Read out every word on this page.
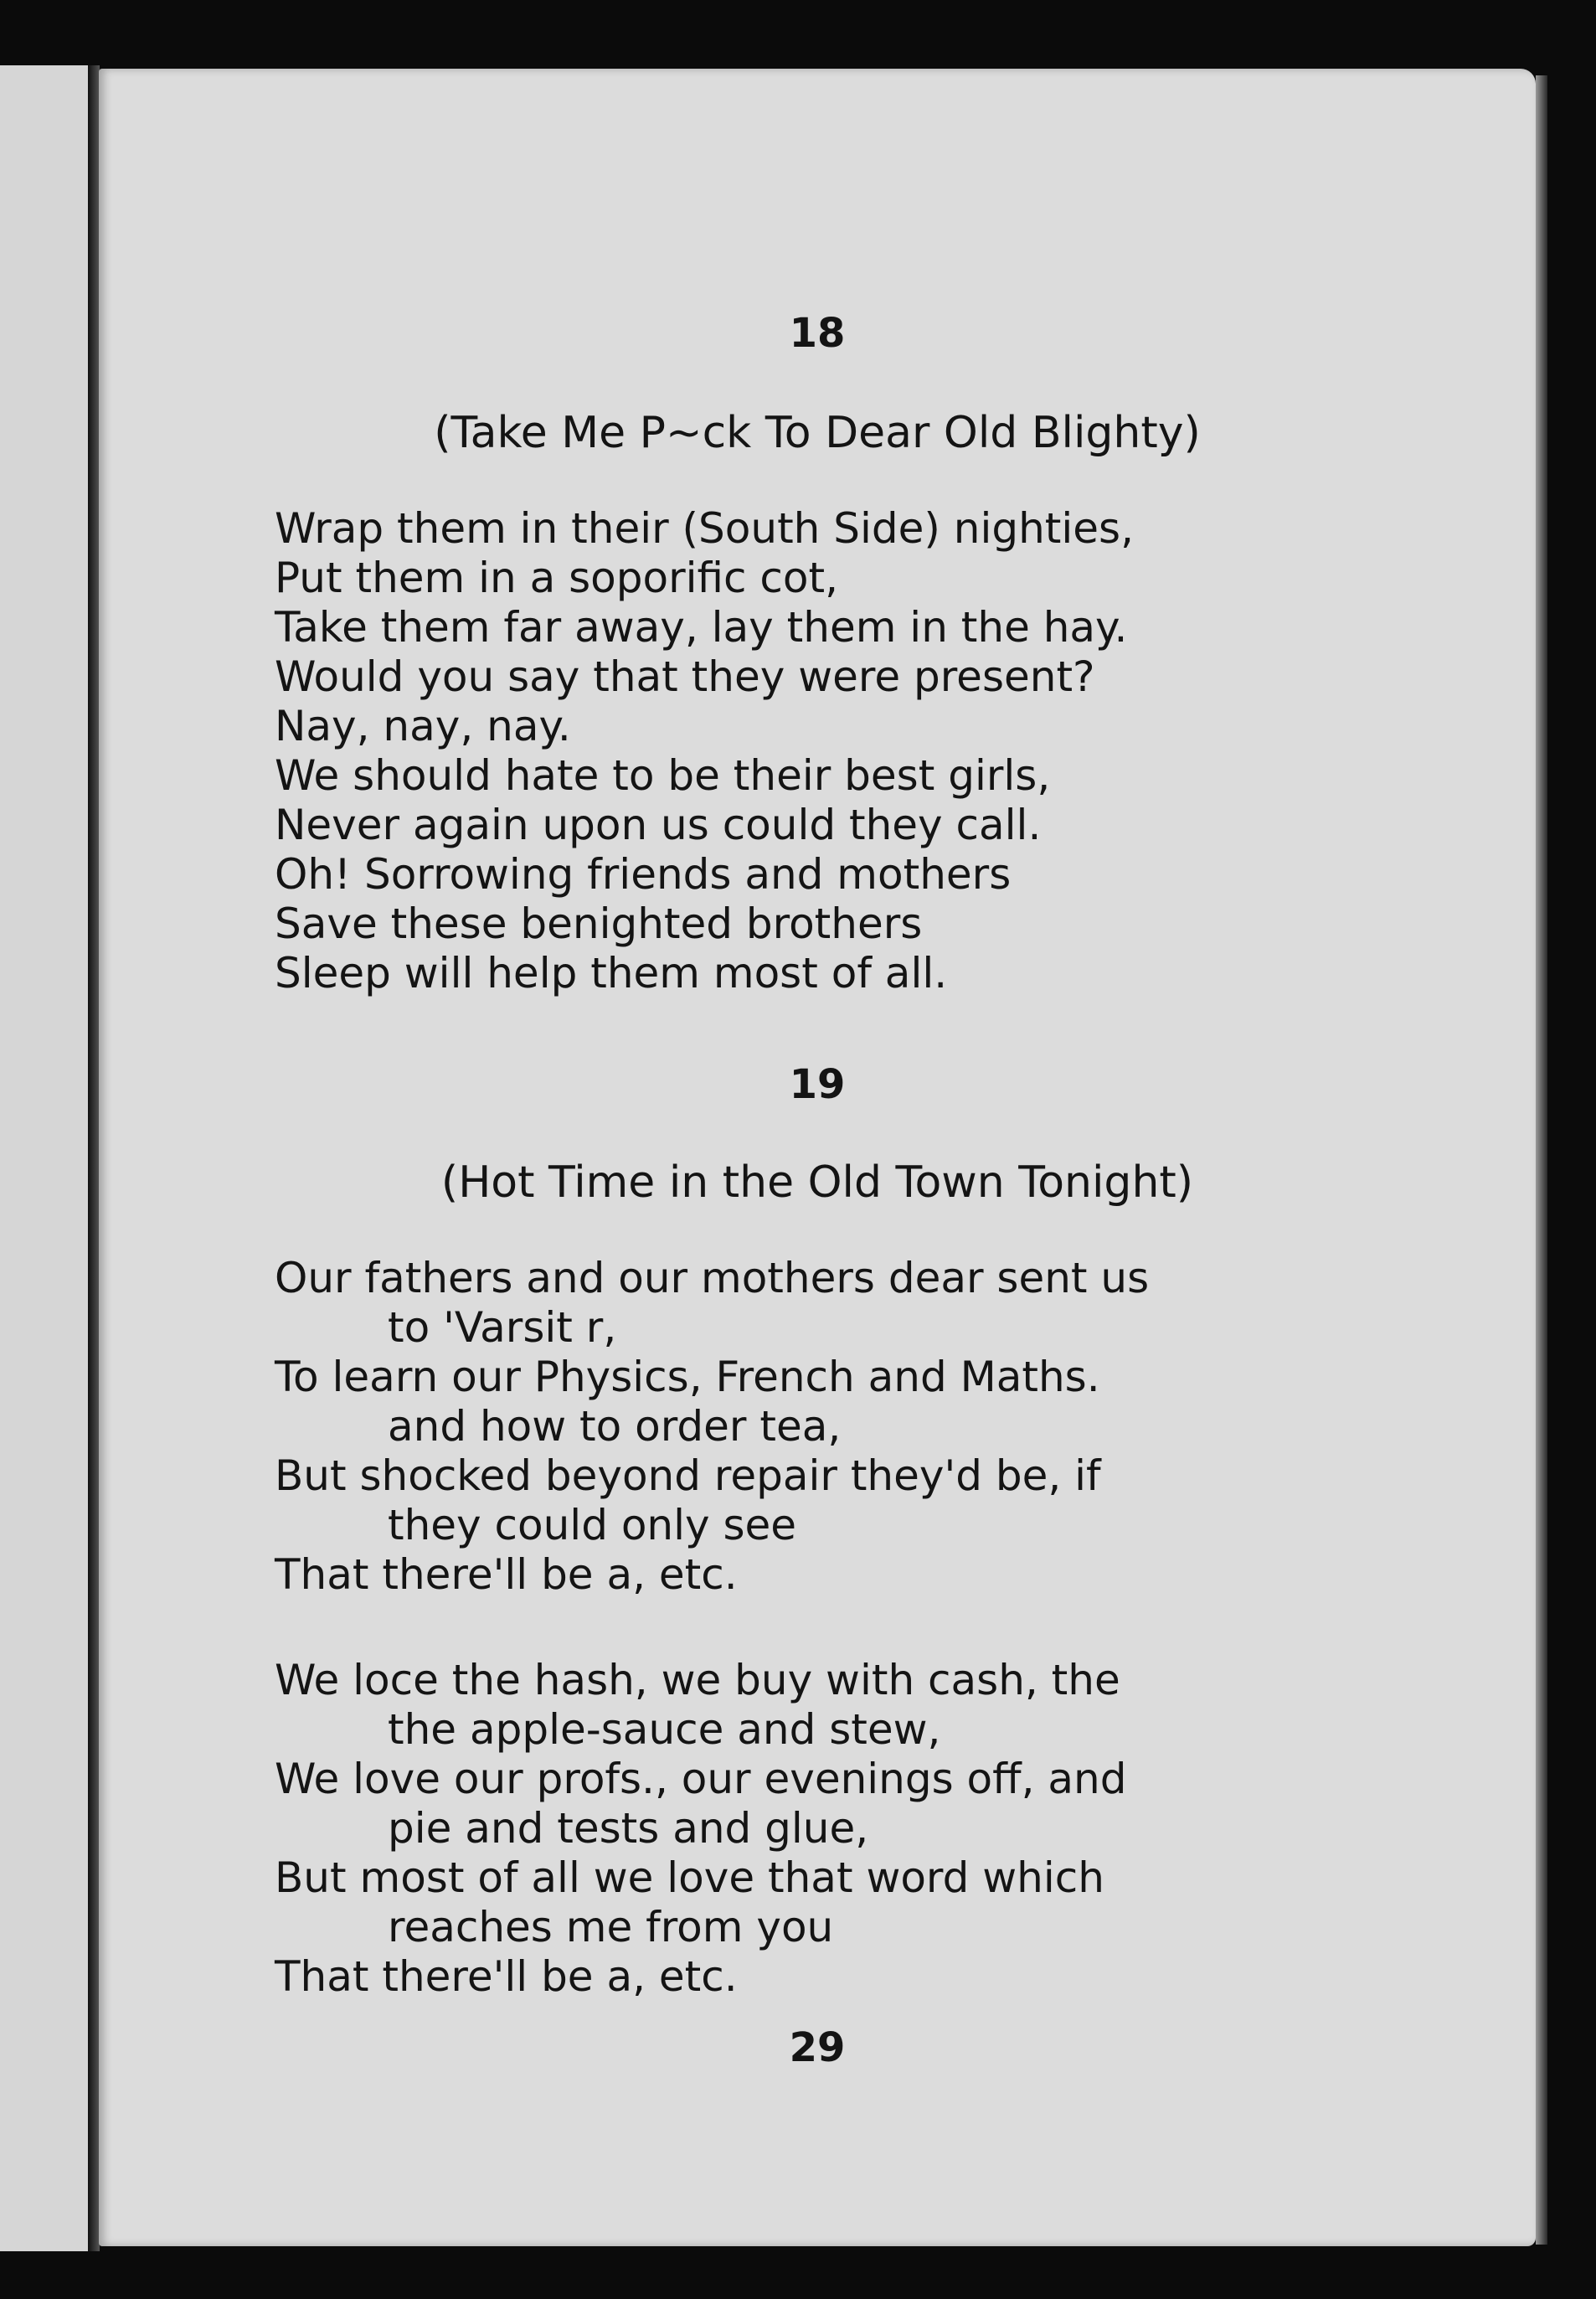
18
(Take Me P~ck To Dear Old Blighty)
Wrap them in their (South Side) nighties,
Put them in a soporific cot,
Take them far away, lay them in the hay.
Would you say that they were present?
Nay, nay, nay.
We should hate to be their best girls,
Never again upon us could they call.
Oh! Sorrowing friends and mothers
Save these benighted brothers
Sleep will help them most of all.
19
(Hot Time in the Old Town Tonight)
Our fathers and our mothers dear sent us
to 'Varsit r,
To learn our Physics, French and Maths.
and how to order tea,
But shocked beyond repair they'd be, if
they could only see
That there'll be a, etc.
We loce the hash, we buy with cash, the
the apple-sauce and stew,
We love our profs., our evenings off, and
pie and tests and glue,
But most of all we love that word which
reaches me from you
That there'll be a, etc.
29
